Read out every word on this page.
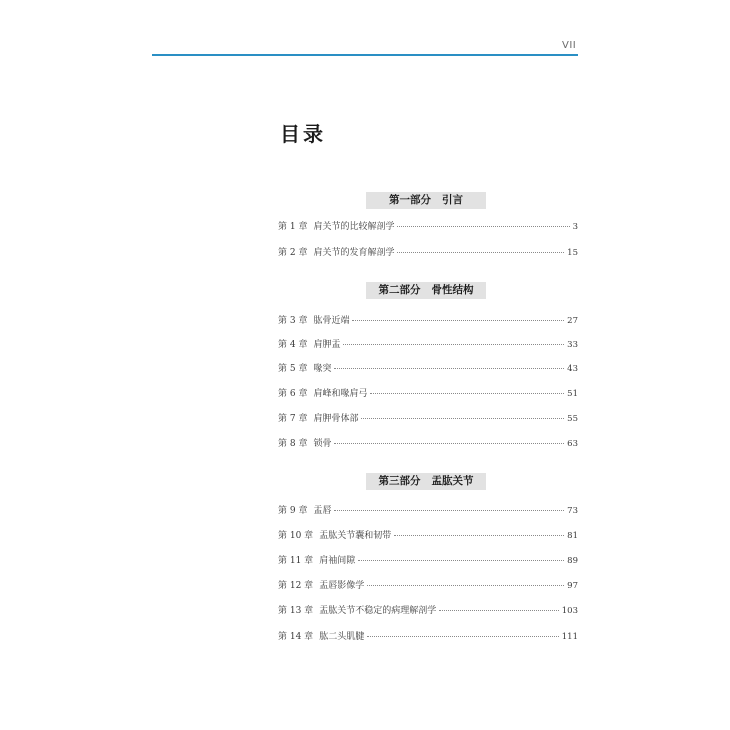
VII
目录
第一部分   引言
第 1 章 肩关节的比较解剖学	3
第 2 章 肩关节的发育解剖学	15
第二部分   骨性结构
第 3 章 肱骨近端	27
第 4 章 肩胛盂	33
第 5 章 喙突	43
第 6 章 肩峰和喙肩弓	51
第 7 章 肩胛骨体部	55
第 8 章 锁骨	63
第三部分   盂肱关节
第 9 章 盂唇	73
第 10 章 盂肱关节囊和韧带	81
第 11 章 肩袖间隙	89
第 12 章 盂唇影像学	97
第 13 章 盂肱关节不稳定的病理解剖学	103
第 14 章 肱二头肌腱	111
